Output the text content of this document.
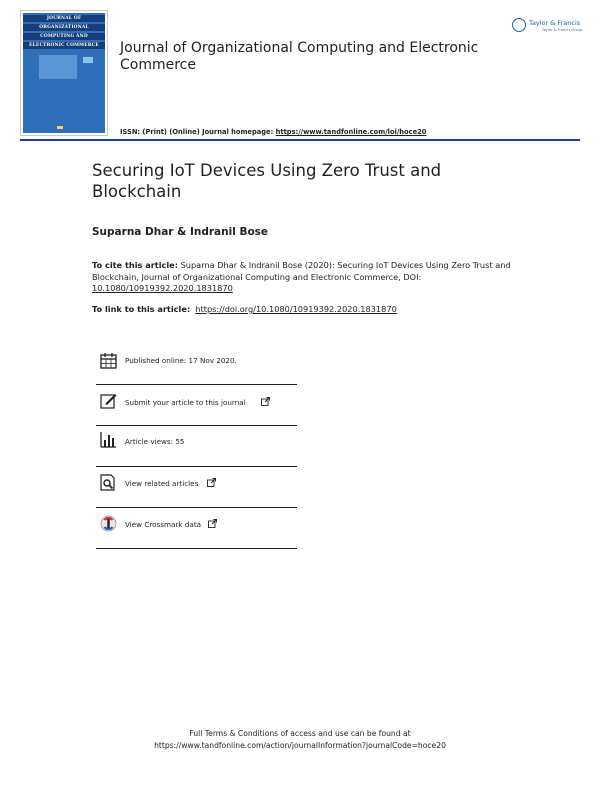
JOURNAL OF
ORGANIZATIONAL
COMPUTING AND
ELECTRONIC COMMERCE	Journal of Organizational Computing and Electronic Commerce
Taylor & Francis
Taylor & Francis Group
ISSN: (Print) (Online) Journal homepage: https://www.tandfonline.com/loi/hoce20
Securing IoT Devices Using Zero Trust and Blockchain
Suparna Dhar & Indranil Bose
To cite this article: Suparna Dhar & Indranil Bose (2020): Securing IoT Devices Using Zero Trust and Blockchain, Journal of Organizational Computing and Electronic Commerce, DOI: 10.1080/10919392.2020.1831870
To link to this article: https://doi.org/10.1080/10919392.2020.1831870
Published online: 17 Nov 2020.
Submit your article to this journal
Article views: 55
View related articles
View Crossmark data
Full Terms & Conditions of access and use can be found at
https://www.tandfonline.com/action/journalInformation?journalCode=hoce20
